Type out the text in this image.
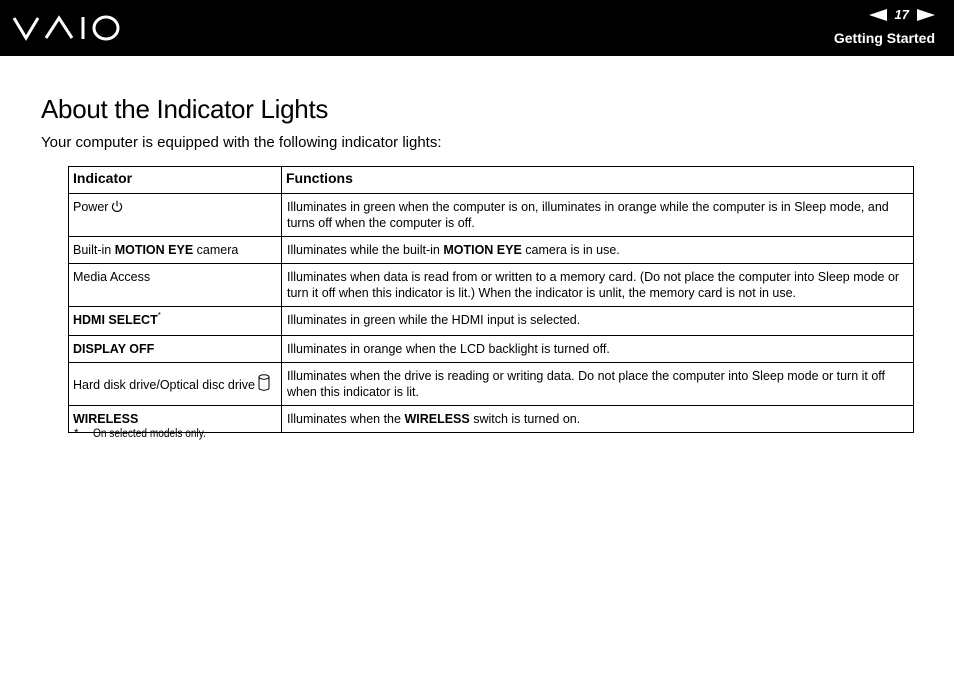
17
Getting Started
About the Indicator Lights

Your computer is equipped with the following indicator lights:

Indicator	Functions
Power	Illuminates in green when the computer is on, illuminates in orange while the computer is in Sleep mode, and turns off when the computer is off.
Built-in MOTION EYE camera	Illuminates while the built-in MOTION EYE camera is in use.
Media Access	Illuminates when data is read from or written to a memory card. (Do not place the computer into Sleep mode or turn it off when this indicator is lit.) When the indicator is unlit, the memory card is not in use.
HDMI SELECT*	Illuminates in green while the HDMI input is selected.
DISPLAY OFF	Illuminates in orange when the LCD backlight is turned off.
Hard disk drive/Optical disc drive	Illuminates when the drive is reading or writing data. Do not place the computer into Sleep mode or turn it off when this indicator is lit.
WIRELESS	Illuminates when the WIRELESS switch is turned on.
* On selected models only.
